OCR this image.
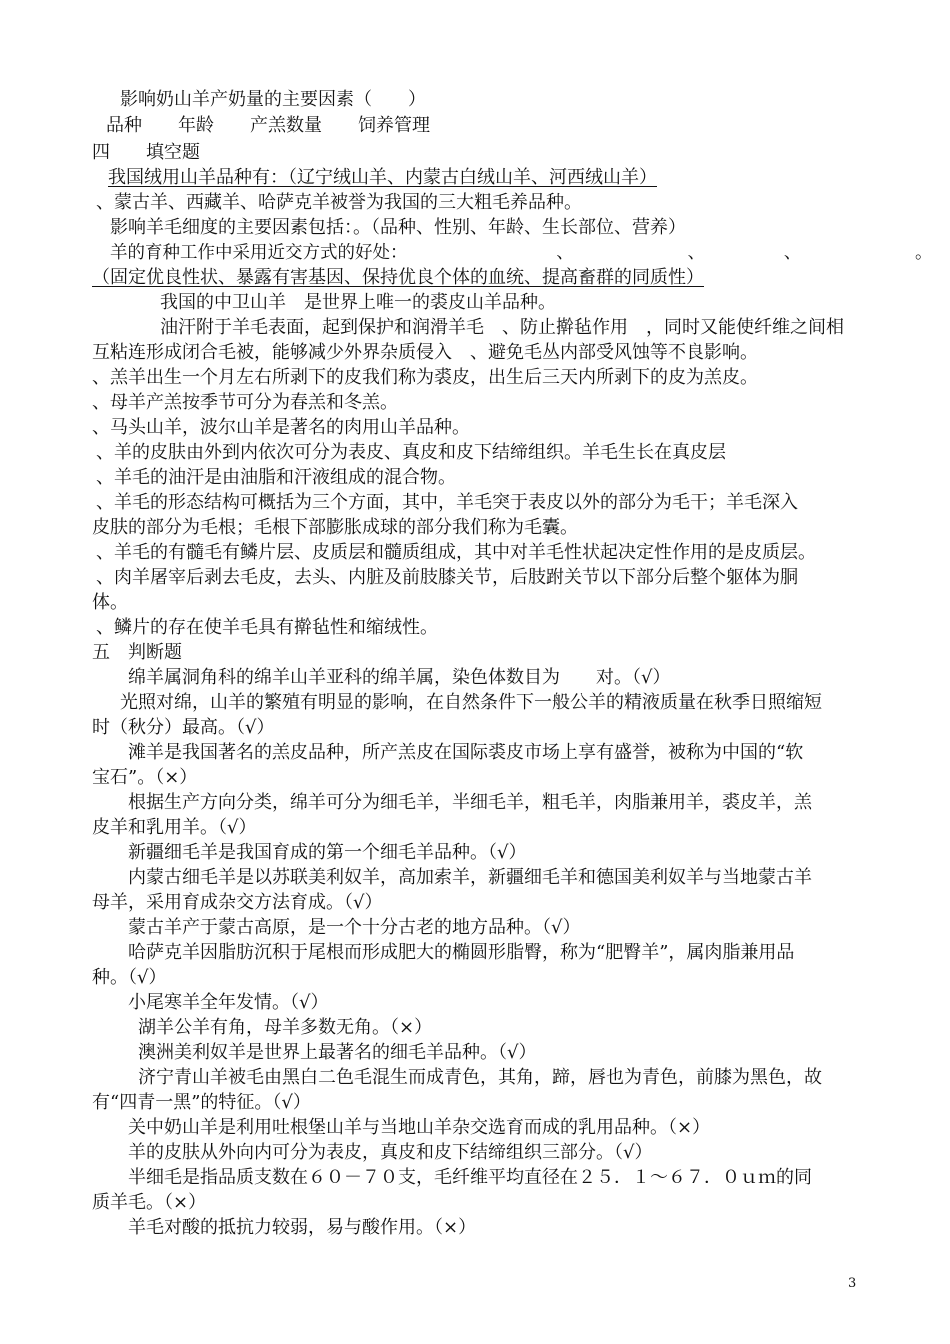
影响奶山羊产奶量的主要因素（　　）
品种　　年龄　　产羔数量　　饲养管理
四　　填空题
我国绒用山羊品种有：（辽宁绒山羊、内蒙古白绒山羊、河西绒山羊）
、蒙古羊、西藏羊、哈萨克羊被誉为我国的三大粗毛养品种。
影响羊毛细度的主要因素包括：。（品种、性别、年龄、生长部位、营养）
羊的育种工作中采用近交方式的好处：　　　　　　　　　、　　　　　　　、　　　　　、　　　　　　　。
（固定优良性状、暴露有害基因、保持优良个体的血统、提高畜群的同质性）
我国的中卫山羊　是世界上唯一的裘皮山羊品种。
油汗附于羊毛表面，起到保护和润滑羊毛　、防止擀毡作用　，同时又能使纤维之间相
互粘连形成闭合毛被，能够减少外界杂质侵入　、避免毛丛内部受风蚀等不良影响。
、羔羊出生一个月左右所剥下的皮我们称为裘皮，出生后三天内所剥下的皮为羔皮。
、母羊产羔按季节可分为春羔和冬羔。
、马头山羊，波尔山羊是著名的肉用山羊品种。
、羊的皮肤由外到内依次可分为表皮、真皮和皮下结缔组织。羊毛生长在真皮层　
、羊毛的油汗是由油脂和汗液组成的混合物。
、羊毛的形态结构可概括为三个方面，其中，羊毛突于表皮以外的部分为毛干；羊毛深入
皮肤的部分为毛根；毛根下部膨胀成球的部分我们称为毛囊。
、羊毛的有髓毛有鳞片层、皮质层和髓质组成，其中对羊毛性状起决定性作用的是皮质层。
、肉羊屠宰后剥去毛皮，去头、内脏及前肢膝关节，后肢跗关节以下部分后整个躯体为胴
体。
、鳞片的存在使羊毛具有擀毡性和缩绒性。
五　判断题
绵羊属洞角科的绵羊山羊亚科的绵羊属，染色体数目为　　对。（√）
光照对绵，山羊的繁殖有明显的影响，在自然条件下一般公羊的精液质量在秋季日照缩短
时（秋分）最高。（√）
滩羊是我国著名的羔皮品种，所产羔皮在国际裘皮市场上享有盛誉，被称为中国的“软
宝石”。（×）
根据生产方向分类，绵羊可分为细毛羊，半细毛羊，粗毛羊，肉脂兼用羊，裘皮羊，羔
皮羊和乳用羊。（√）
新疆细毛羊是我国育成的第一个细毛羊品种。（√）
内蒙古细毛羊是以苏联美利奴羊，高加索羊，新疆细毛羊和德国美利奴羊与当地蒙古羊
母羊，采用育成杂交方法育成。（√）
蒙古羊产于蒙古高原，是一个十分古老的地方品种。（√）
哈萨克羊因脂肪沉积于尾根而形成肥大的椭圆形脂臀，称为“肥臀羊”，属肉脂兼用品
种。（√）
小尾寒羊全年发情。（√）
湖羊公羊有角，母羊多数无角。（×）
澳洲美利奴羊是世界上最著名的细毛羊品种。（√）
济宁青山羊被毛由黑白二色毛混生而成青色，其角，蹄，唇也为青色，前膝为黑色，故
有“四青一黑”的特征。（√）
关中奶山羊是利用吐根堡山羊与当地山羊杂交选育而成的乳用品种。（×）
羊的皮肤从外向内可分为表皮，真皮和皮下结缔组织三部分。（√）
半细毛是指品质支数在６０－７０支，毛纤维平均直径在２５．１～６７．０ｕｍ的同
质羊毛。（×）
羊毛对酸的抵抗力较弱，易与酸作用。（×）
3
